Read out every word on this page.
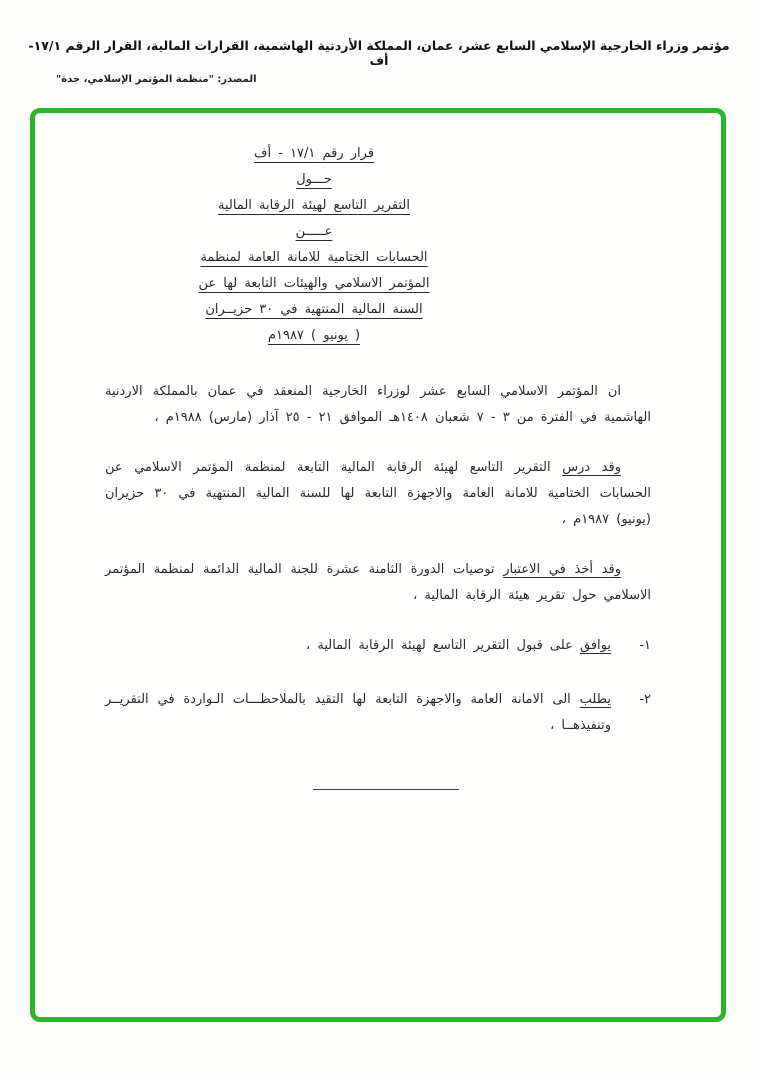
مؤتمر وزراء الخارجية الإسلامي السابع عشر، عمان، المملكة الأردنية الهاشمية، القرارات المالية، القرار الرقم ١٧/١-أف
المصدر: "منظمة المؤتمر الإسلامي، جدة"
قرار رقم ١٧/١ - أف
حـــول
التقرير التاسع لهيئة الرقابة المالية
عـــــن
الحسابات الختامية للامانة العامة لمنظمة
المؤتمر الاسلامي والهيئات التابعة لها عن
السنة المالية المنتهية في ٣٠ حزيــران
( يونيو ) ١٩٨٧م

ان المؤتمر الاسلامي السابع عشر لوزراء الخارجية المنعقد في عمان بالمملكة الاردنية الهاشمية في الفترة من ٣ - ٧ شعبان ١٤٠٨هـ الموافق ٢١ - ٢٥ آذار (مارس) ١٩٨٨م ،

وقد درس التقرير التاسع لهيئة الرقابة المالية التابعة لمنظمة المؤتمر الاسلامي عن الحسابات الختامية للامانة العامة والاجهزة التابعة لها للسنة المالية المنتهية في ٣٠ حزيران (يونيو) ١٩٨٧م ،

وقد أخذ في الاعتبار توصيات الدورة الثامنة عشرة للجنة المالية الدائمة لمنظمة المؤتمر الاسلامي حول تقرير هيئة الرقابة المالية ،

١-
يوافق على قبول التقرير التاسع لهيئة الرقابة المالية ،
٢-
يطلب الى الامانة العامة والاجهزة التابعة لها التقيد بالملاحظـــات الـواردة في التقريــر وتنفيذهــا ،
